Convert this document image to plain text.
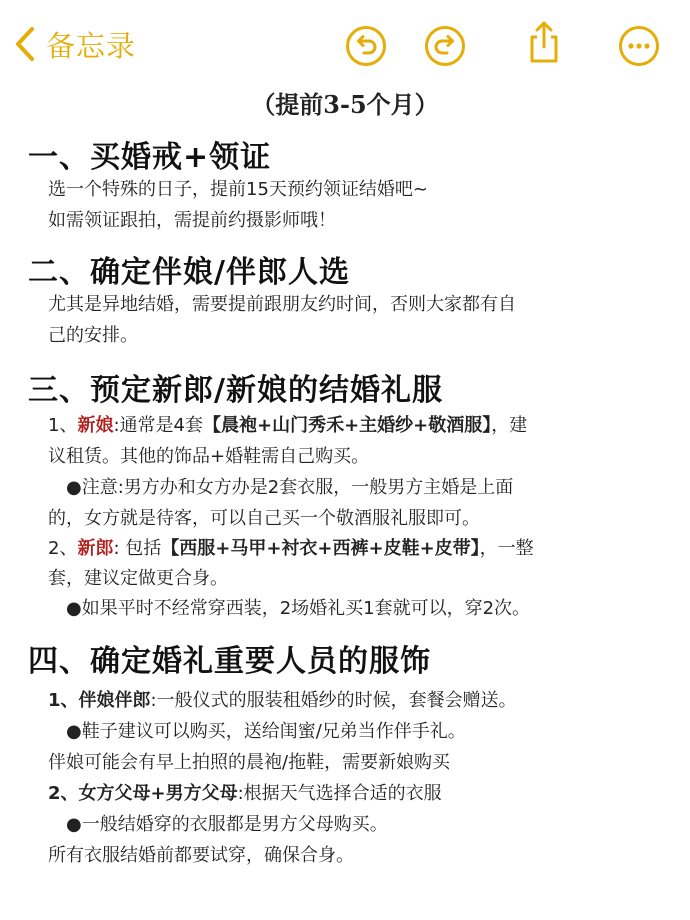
备忘录
（提前3-5个月）
一、买婚戒+领证
选一个特殊的日子，提前15天预约领证结婚吧~
如需领证跟拍，需提前约摄影师哦！
二、确定伴娘/伴郎人选
尤其是异地结婚，需要提前跟朋友约时间，否则大家都有自
己的安排。
三、预定新郎/新娘的结婚礼服
1、新娘:通常是4套【晨袍+山门秀禾+主婚纱+敬酒服】，建
议租赁。其他的饰品+婚鞋需自己购买。
●注意:男方办和女方办是2套衣服，一般男方主婚是上面
的，女方就是待客，可以自己买一个敬酒服礼服即可。
2、新郎: 包括【西服+马甲+衬衣+西裤+皮鞋+皮带】，一整
套，建议定做更合身。
●如果平时不经常穿西装，2场婚礼买1套就可以，穿2次。
四、确定婚礼重要人员的服饰
1、伴娘伴郎:一般仪式的服装租婚纱的时候，套餐会赠送。
●鞋子建议可以购买，送给闺蜜/兄弟当作伴手礼。
伴娘可能会有早上拍照的晨袍/拖鞋，需要新娘购买
2、女方父母+男方父母:根据天气选择合适的衣服
●一般结婚穿的衣服都是男方父母购买。
所有衣服结婚前都要试穿，确保合身。
